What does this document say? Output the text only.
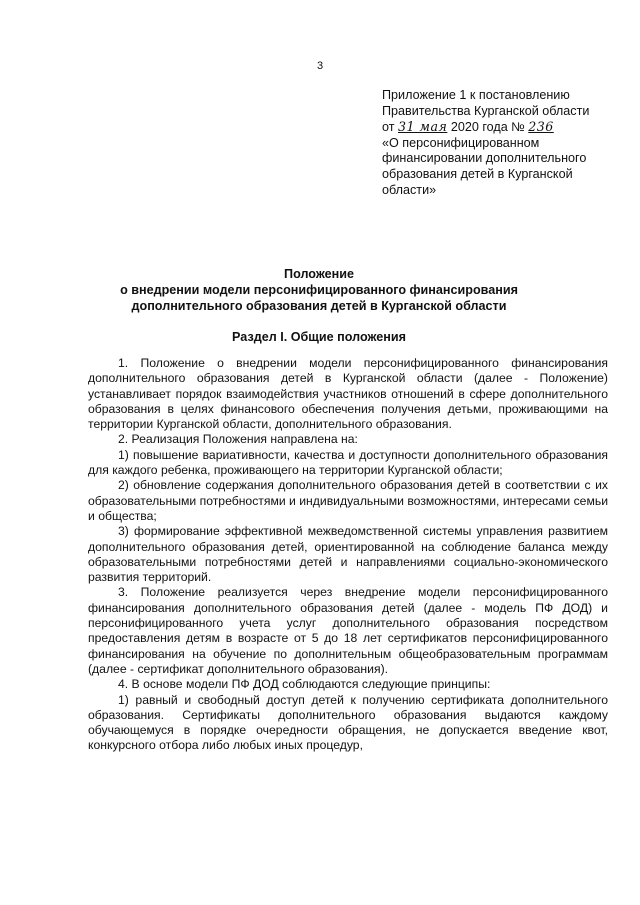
3
Приложение 1 к постановлению
Правительства Курганской области
от 31 мая 2020 года № 236
«О персонифицированном
финансировании дополнительного
образования детей в Курганской
области»
Положение
о внедрении модели персонифицированного финансирования
дополнительного образования детей в Курганской области
Раздел I. Общие положения

1. Положение о внедрении модели персонифицированного финансирования дополнительного образования детей в Курганской области (далее - Положение) устанавливает порядок взаимодействия участников отношений в сфере дополнительного образования в целях финансового обеспечения получения детьми, проживающими на территории Курганской области, дополнительного образования.

2. Реализация Положения направлена на:

1) повышение вариативности, качества и доступности дополнительного образования для каждого ребенка, проживающего на территории Курганской области;

2) обновление содержания дополнительного образования детей в соответствии с их образовательными потребностями и индивидуальными возможностями, интересами семьи и общества;

3) формирование эффективной межведомственной системы управления развитием дополнительного образования детей, ориентированной на соблюдение баланса между образовательными потребностями детей и направлениями социально-экономического развития территорий.

3. Положение реализуется через внедрение модели персонифицированного финансирования дополнительного образования детей (далее - модель ПФ ДОД) и персонифицированного учета услуг дополнительного образования посредством предоставления детям в возрасте от 5 до 18 лет сертификатов персонифицированного финансирования на обучение по дополнительным общеобразовательным программам (далее - сертификат дополнительного образования).

4. В основе модели ПФ ДОД соблюдаются следующие принципы:

1) равный и свободный доступ детей к получению сертификата дополнительного образования. Сертификаты дополнительного образования выдаются каждому обучающемуся в порядке очередности обращения, не допускается введение квот, конкурсного отбора либо любых иных процедур,
